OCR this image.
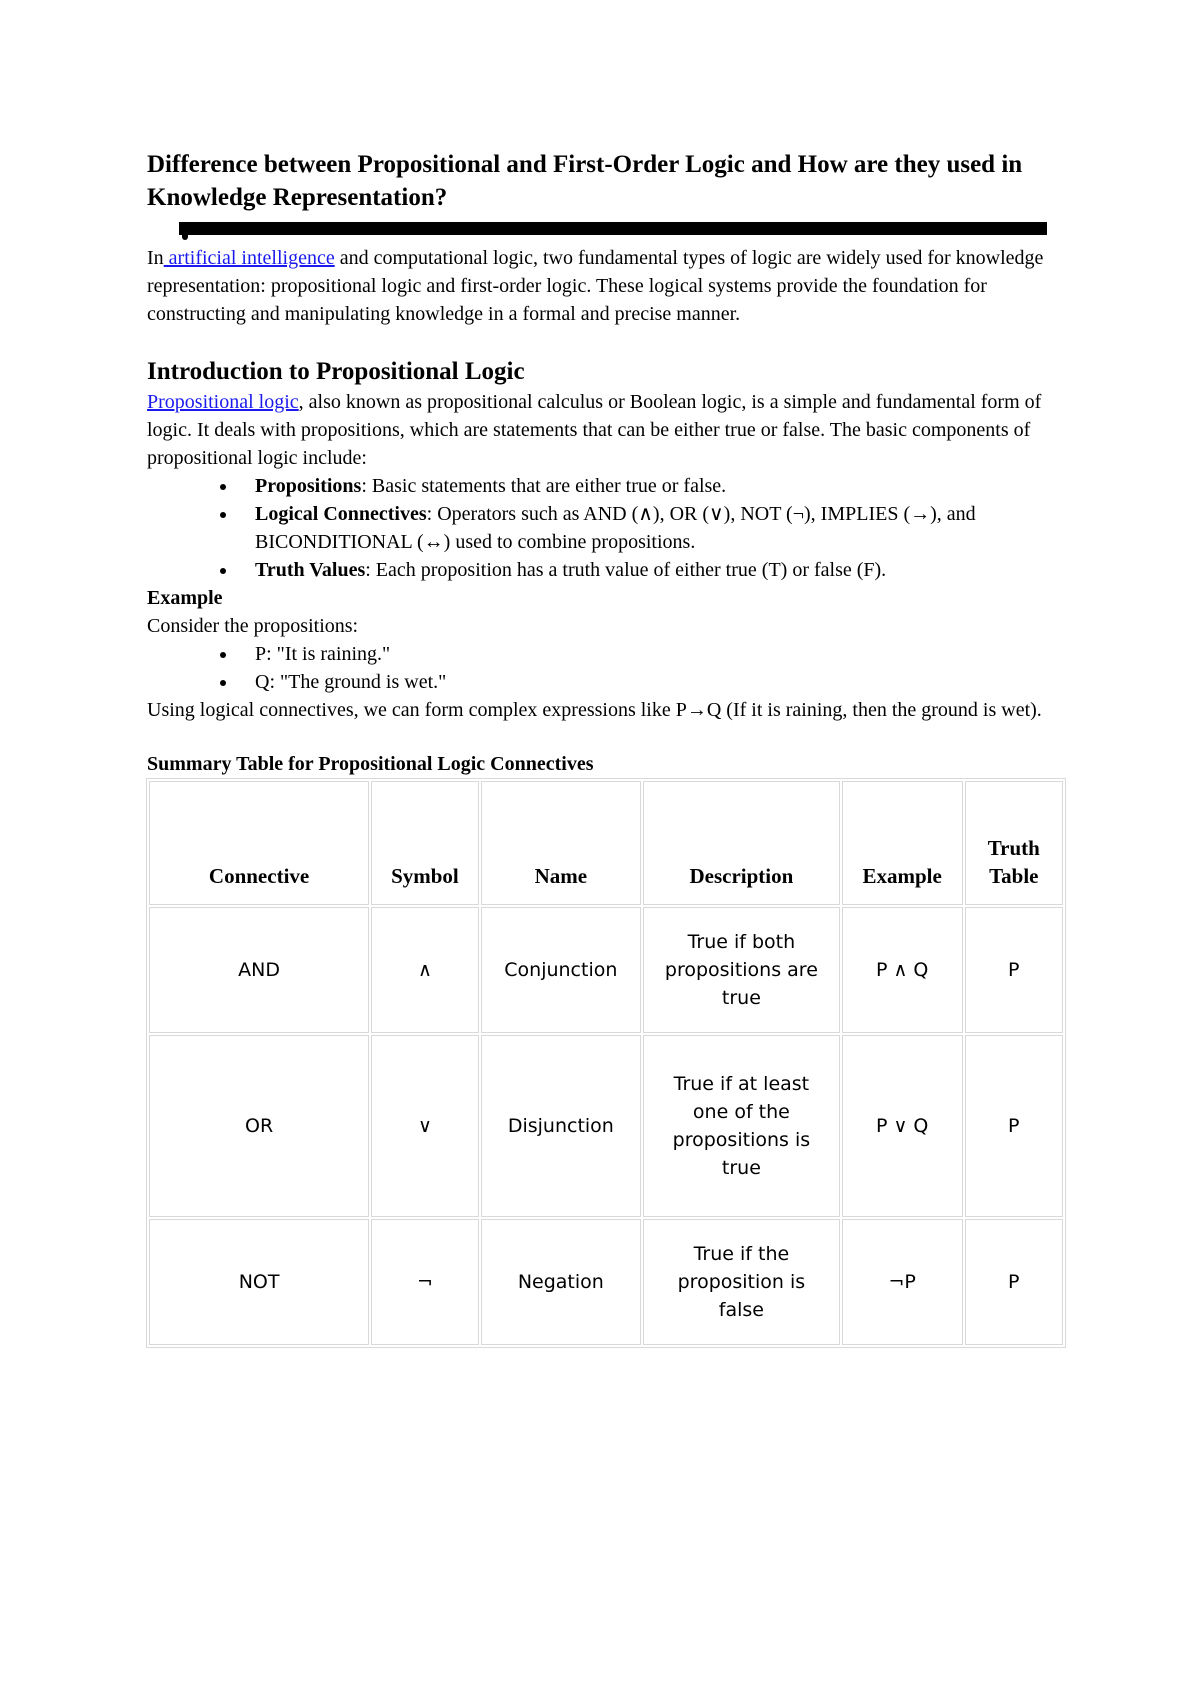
Difference between Propositional and First-Order Logic and How are they used in Knowledge Representation?

In artificial intelligence and computational logic, two fundamental types of logic are widely used for knowledge representation: propositional logic and first-order logic. These logical systems provide the foundation for constructing and manipulating knowledge in a formal and precise manner.

Introduction to Propositional Logic

Propositional logic, also known as propositional calculus or Boolean logic, is a simple and fundamental form of logic. It deals with propositions, which are statements that can be either true or false. The basic components of propositional logic include:

Propositions: Basic statements that are either true or false.
Logical Connectives: Operators such as AND (∧), OR (∨), NOT (¬), IMPLIES (→), and BICONDITIONAL (↔) used to combine propositions.
Truth Values: Each proposition has a truth value of either true (T) or false (F).

Example

Consider the propositions:

P: "It is raining."
Q: "The ground is wet."

Using logical connectives, we can form complex expressions like P→Q (If it is raining, then the ground is wet).

Summary Table for Propositional Logic Connectives

Connective	Symbol	Name	Description	Example	Truth Table
AND	∧	Conjunction	True if both propositions are true	P ∧ Q	P
OR	∨	Disjunction	True if at least one of the propositions is true	P ∨ Q	P
NOT	¬	Negation	True if the proposition is false	¬P	P
